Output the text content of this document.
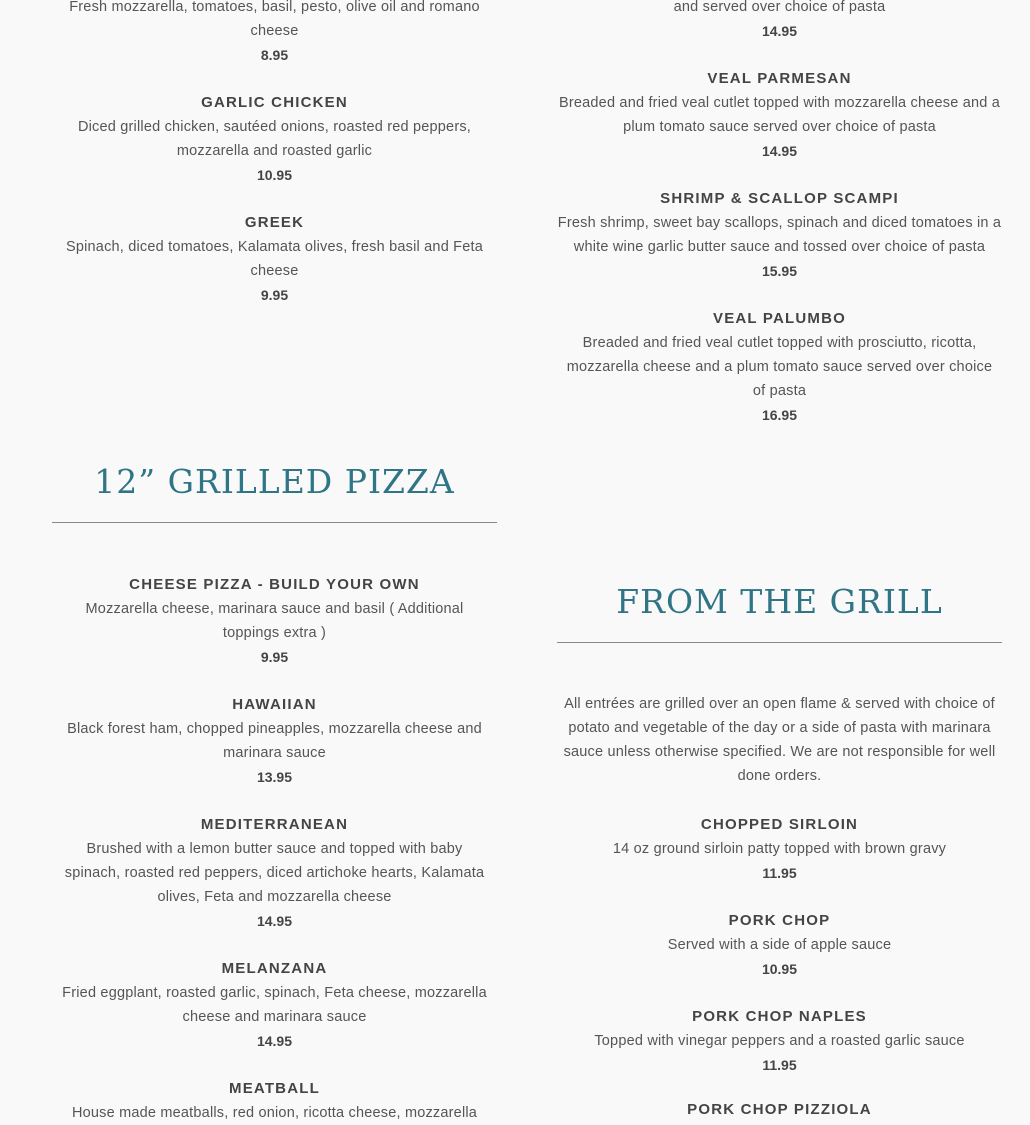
Fresh mozzarella, tomatoes, basil, pesto, olive oil and romano cheese
8.95
GARLIC CHICKEN
Diced grilled chicken, sautéed onions, roasted red peppers, mozzarella and roasted garlic
10.95
GREEK
Spinach, diced tomatoes, Kalamata olives, fresh basil and Feta cheese
9.95
12” GRILLED PIZZA
CHEESE PIZZA - BUILD YOUR OWN
Mozzarella cheese, marinara sauce and basil ( Additional toppings extra )
9.95
HAWAIIAN
Black forest ham, chopped pineapples, mozzarella cheese and marinara sauce
13.95
MEDITERRANEAN
Brushed with a lemon butter sauce and topped with baby spinach, roasted red peppers, diced artichoke hearts, Kalamata olives, Feta and mozzarella cheese
14.95
MELANZANA
Fried eggplant, roasted garlic, spinach, Feta cheese, mozzarella cheese and marinara sauce
14.95
MEATBALL
House made meatballs, red onion, ricotta cheese, mozzarella
and served over choice of pasta
14.95
VEAL PARMESAN
Breaded and fried veal cutlet topped with mozzarella cheese and a plum tomato sauce served over choice of pasta
14.95
SHRIMP & SCALLOP SCAMPI
Fresh shrimp, sweet bay scallops, spinach and diced tomatoes in a white wine garlic butter sauce and tossed over choice of pasta
15.95
VEAL PALUMBO
Breaded and fried veal cutlet topped with prosciutto, ricotta, mozzarella cheese and a plum tomato sauce served over choice of pasta
16.95
FROM THE GRILL
All entrées are grilled over an open flame & served with choice of potato and vegetable of the day or a side of pasta with marinara sauce unless otherwise specified. We are not responsible for well done orders.
CHOPPED SIRLOIN
14 oz ground sirloin patty topped with brown gravy
11.95
PORK CHOP
Served with a side of apple sauce
10.95
PORK CHOP NAPLES
Topped with vinegar peppers and a roasted garlic sauce
11.95
PORK CHOP PIZZIOLA
